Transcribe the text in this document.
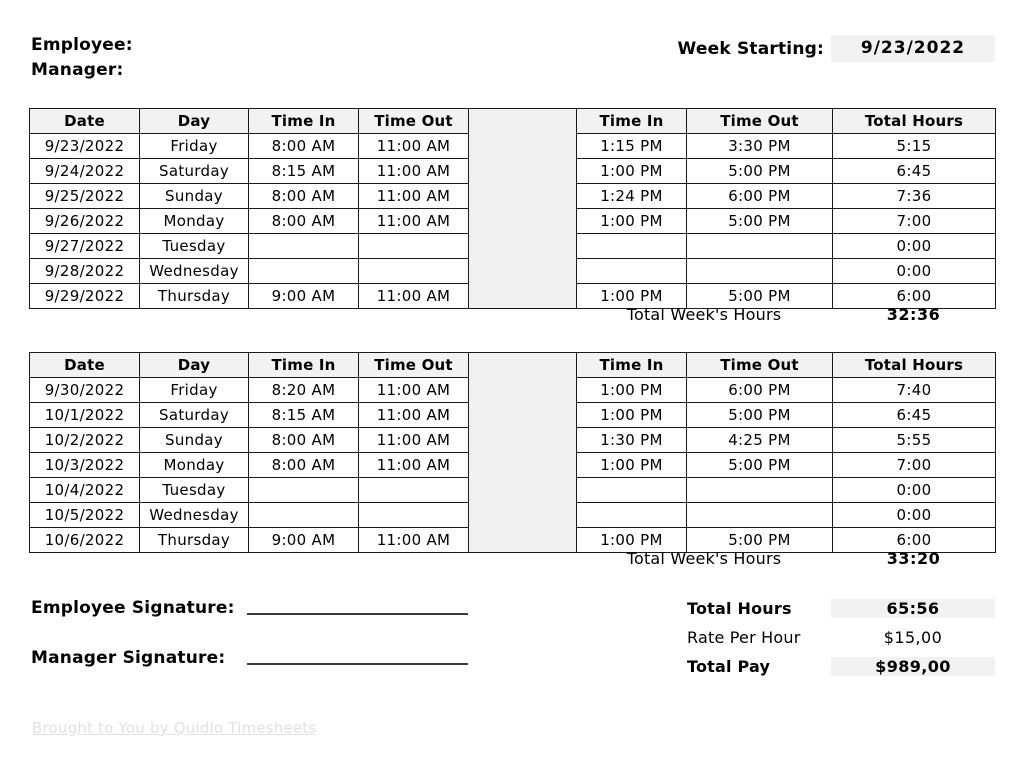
Employee:
Manager:
Week Starting:	9/23/2022
Date	Day	Time In	Time Out		Time In	Time Out	Total Hours
9/23/2022	Friday	8:00 AM	11:00 AM		1:15 PM	3:30 PM	5:15
9/24/2022	Saturday	8:15 AM	11:00 AM		1:00 PM	5:00 PM	6:45
9/25/2022	Sunday	8:00 AM	11:00 AM		1:24 PM	6:00 PM	7:36
9/26/2022	Monday	8:00 AM	11:00 AM		1:00 PM	5:00 PM	7:00
9/27/2022	Tuesday						0:00
9/28/2022	Wednesday						0:00
9/29/2022	Thursday	9:00 AM	11:00 AM		1:00 PM	5:00 PM	6:00
Total Week's Hours	32:36
Date	Day	Time In	Time Out		Time In	Time Out	Total Hours
9/30/2022	Friday	8:20 AM	11:00 AM		1:00 PM	6:00 PM	7:40
10/1/2022	Saturday	8:15 AM	11:00 AM		1:00 PM	5:00 PM	6:45
10/2/2022	Sunday	8:00 AM	11:00 AM		1:30 PM	4:25 PM	5:55
10/3/2022	Monday	8:00 AM	11:00 AM		1:00 PM	5:00 PM	7:00
10/4/2022	Tuesday						0:00
10/5/2022	Wednesday						0:00
10/6/2022	Thursday	9:00 AM	11:00 AM		1:00 PM	5:00 PM	6:00
Total Week's Hours	33:20
Employee Signature:
Manager Signature:
Total Hours	65:56
Rate Per Hour	$15,00
Total Pay	$989,00
Brought to You by Quidlo Timesheets
